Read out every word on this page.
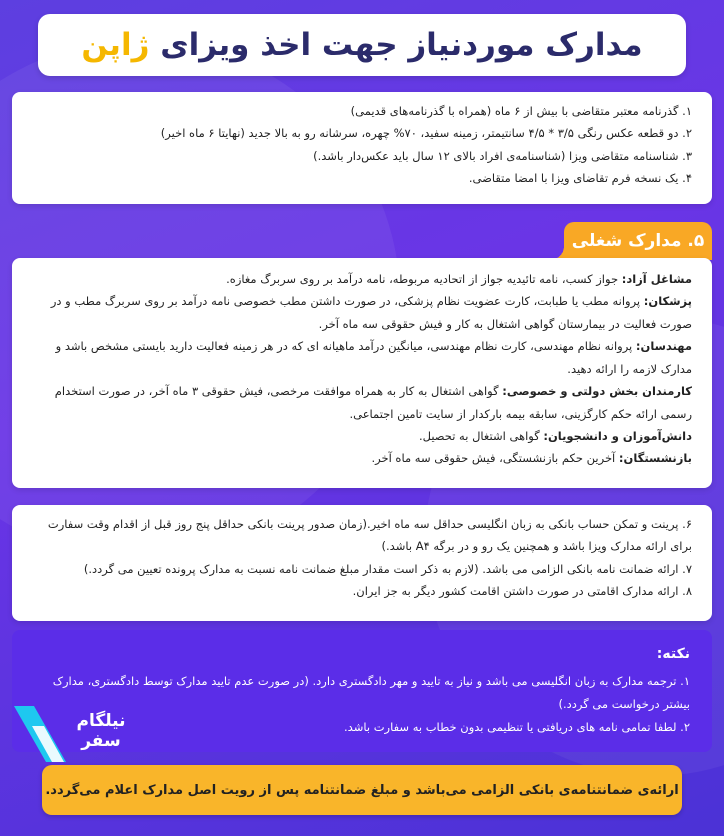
مدارک موردنیاز جهت اخذ ویزای ژاپن

۱. گذرنامه معتبر متقاضی با بیش از ۶ ماه (همراه با گذرنامه‌های قدیمی)

۲. دو قطعه عکس رنگی ۳/۵ * ۴/۵ سانتیمتر، زمینه سفید، ۷۰% چهره، سرشانه رو به بالا جدید (نهایتا ۶ ماه اخیر)

۳. شناسنامه متقاضی ویزا (شناسنامه‌ی افراد بالای ۱۲ سال باید عکس‌دار باشد.)

۴. یک نسخه فرم تقاضای ویزا با امضا متقاضی.

۵. مدارک شغلی

مشاغل آزاد: جواز کسب، نامه تائیدیه جواز از اتحادیه مربوطه، نامه درآمد بر روی سربرگ مغازه.

پزشکان: پروانه مطب یا طبابت، کارت عضویت نظام پزشکی، در صورت داشتن مطب خصوصی نامه درآمد بر روی سربرگ مطب و در صورت فعالیت در بیمارستان گواهی اشتغال به کار و فیش حقوقی سه ماه آخر.

مهندسان: پروانه نظام مهندسی، کارت نظام مهندسی، میانگین درآمد ماهیانه ای که در هر زمینه فعالیت دارید بایستی مشخص باشد و مدارک لازمه را ارائه دهید.

کارمندان بخش دولتی و خصوصی: گواهی اشتغال به کار به همراه موافقت مرخصی، فیش حقوقی ۳ ماه آخر، در صورت استخدام رسمی ارائه حکم کارگزینی، سابقه بیمه بارکدار از سایت تامین اجتماعی.

دانش‌آموزان و دانشجویان: گواهی اشتغال به تحصیل.

بازنشستگان: آخرین حکم بازنشستگی، فیش حقوقی سه ماه آخر.

۶. پرینت و تمکن حساب بانکی به زبان انگلیسی حداقل سه ماه اخیر.(زمان صدور پرینت بانکی حداقل پنج روز قبل از اقدام وقت سفارت برای ارائه مدارک ویزا باشد و همچنین یک رو و در برگه A۴ باشد.)

۷. ارائه ضمانت نامه بانکی الزامی می باشد. (لازم به ذکر است مقدار مبلغ ضمانت نامه نسبت به مدارک پرونده تعیین می گردد.)

۸. ارائه مدارک اقامتی در صورت داشتن اقامت کشور دیگر به جز ایران.

نکته:

۱. ترجمه مدارک به زبان انگلیسی می باشد و نیاز به تایید و مهر دادگستری دارد. (در صورت عدم تایید مدارک توسط دادگستری، مدارک بیشتر درخواست می گردد.)

۲. لطفا تمامی نامه های دریافتی یا تنظیمی بدون خطاب به سفارت باشد.

نیلگام
سفر
ارائه‌ی ضمانتنامه‌ی بانکی الزامی می‌باشد و مبلغ ضمانتنامه پس از رویت اصل مدارک اعلام می‌گردد.
